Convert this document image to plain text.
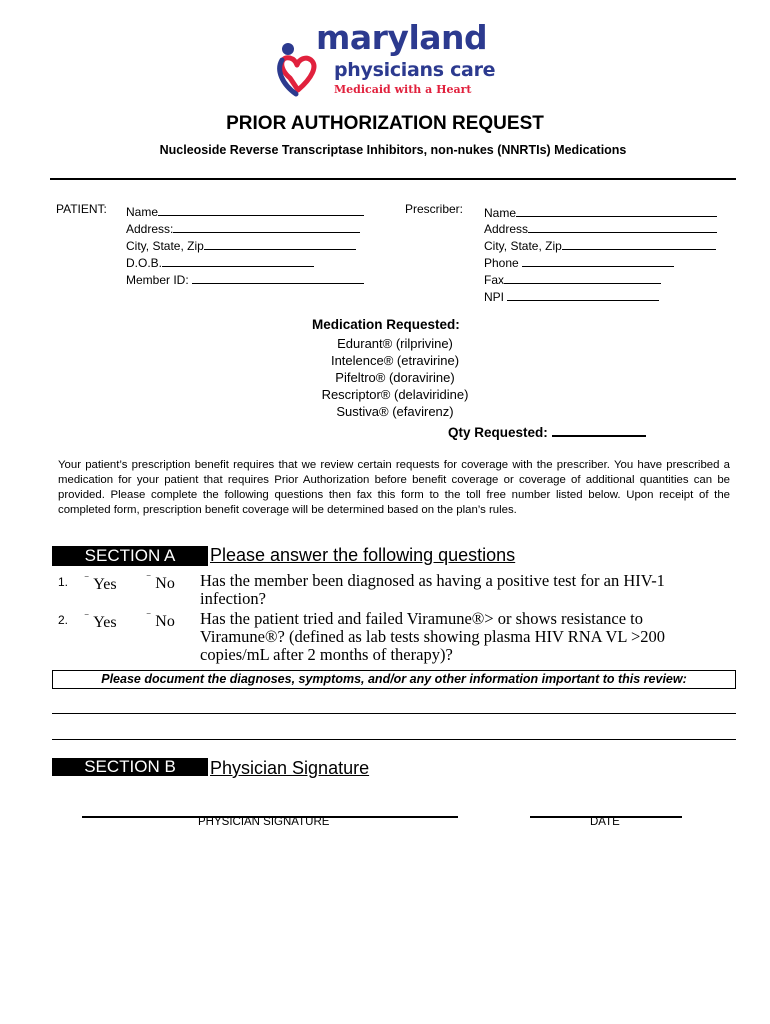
maryland
physicians care
Medicaid with a Heart
PRIOR AUTHORIZATION REQUEST
Nucleoside Reverse Transcriptase Inhibitors, non-nukes (NNRTIs) Medications
PATIENT: Name
Address:
City, State, Zip
D.O.B.
Member ID:
Prescriber: Name
Address
City, State, Zip
Phone
Fax
NPI
Medication Requested:
Edurant® (rilprivine)
Intelence® (etravirine)
Pifeltro® (doravirine)
Rescriptor® (delaviridine)
Sustiva® (efavirenz)
Qty Requested:
Your patient’s prescription benefit requires that we review certain requests for coverage with the prescriber. You have prescribed a medication for your patient that requires Prior Authorization before benefit coverage or coverage of additional quantities can be provided. Please complete the following questions then fax this form to the toll free number listed below. Upon receipt of the completed form, prescription benefit coverage will be determined based on the plan’s rules.
SECTION A	Please answer the following questions
1. ⁻ Yes	⁻ No Has the member been diagnosed as having a positive test for an HIV-1 infection?
2. ⁻ Yes	⁻ No Has the patient tried and failed Viramune®> or shows resistance to Viramune®? (defined as lab tests showing plasma HIV RNA VL >200 copies/mL after 2 months of therapy)?
Please document the diagnoses, symptoms, and/or any other information important to this review:
SECTION B	Physician Signature
PHYSICIAN SIGNATURE	DATE
